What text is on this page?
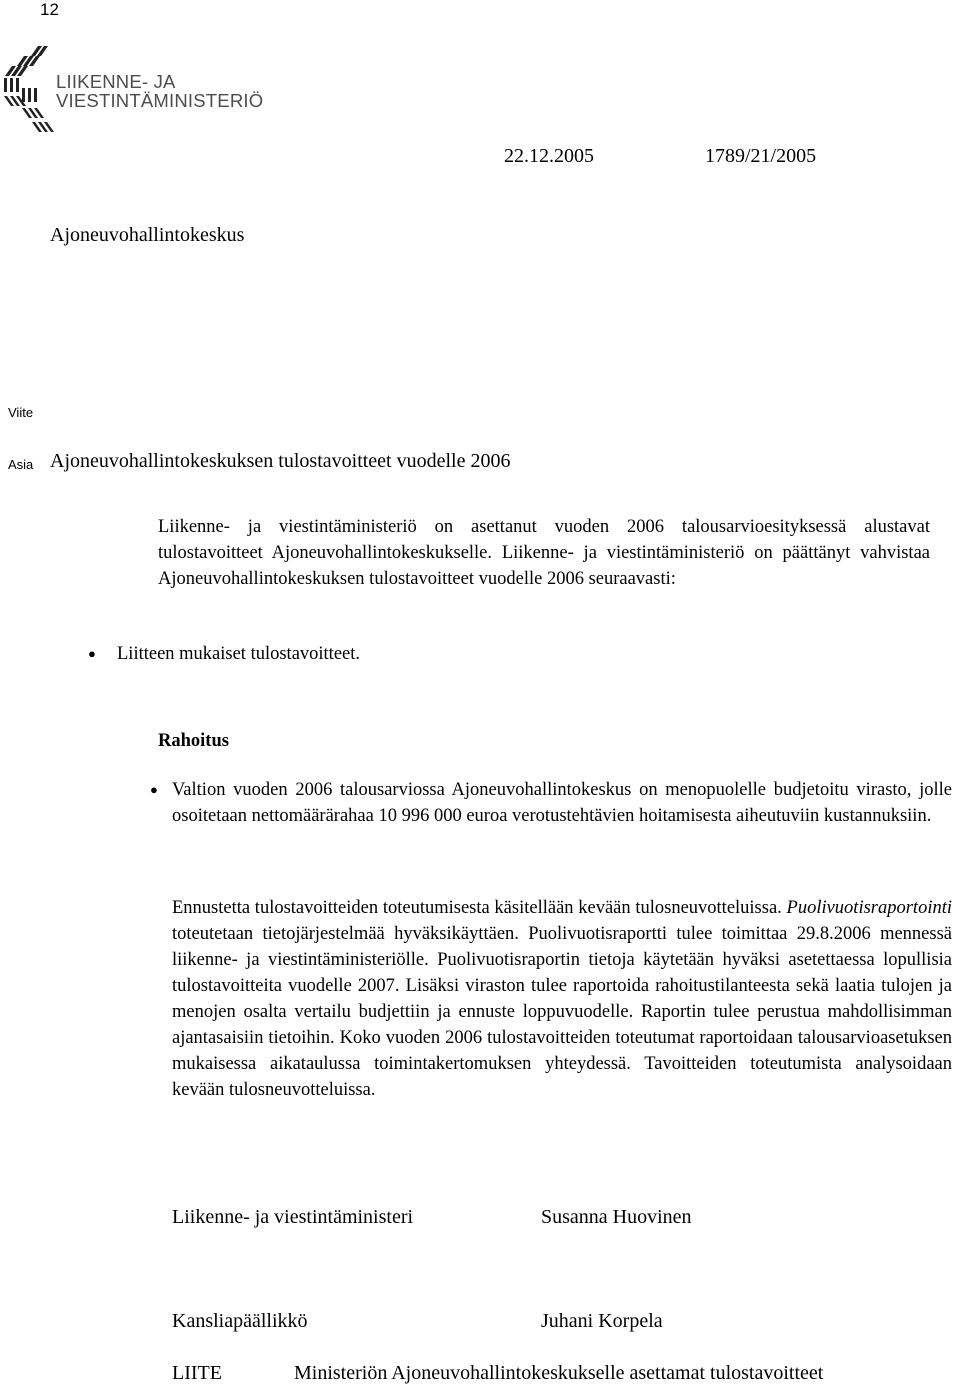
12
LIIKENNE- JA
VIESTINTÄMINISTERIÖ
22.12.2005	1789/21/2005
Ajoneuvohallintokeskus
Viite
Asia Ajoneuvohallintokeskuksen tulostavoitteet vuodelle 2006
Liikenne- ja viestintäministeriö on asettanut vuoden 2006 talousarvioesityksessä alustavat tulostavoitteet Ajoneuvohallintokeskukselle. Liikenne- ja viestintäministeriö on päättänyt vahvistaa Ajoneuvohallintokeskuksen tulostavoitteet vuodelle 2006 seuraavasti:
● Liitteen mukaiset tulostavoitteet.
Rahoitus
● Valtion vuoden 2006 talousarviossa Ajoneuvohallintokeskus on menopuolelle budjetoitu virasto, jolle osoitetaan nettomäärärahaa 10 996 000 euroa verotustehtävien hoitamisesta aiheutuviin kustannuksiin.
Ennustetta tulostavoitteiden toteutumisesta käsitellään kevään tulosneuvotteluissa. Puolivuotisraportointi toteutetaan tietojärjestelmää hyväksikäyttäen. Puolivuotisraportti tulee toimittaa 29.8.2006 mennessä liikenne- ja viestintäministeriölle. Puolivuotisraportin tietoja käytetään hyväksi asetettaessa lopullisia tulostavoitteita vuodelle 2007. Lisäksi viraston tulee raportoida rahoitustilanteesta sekä laatia tulojen ja menojen osalta vertailu budjettiin ja ennuste loppuvuodelle. Raportin tulee perustua mahdollisimman ajantasaisiin tietoihin. Koko vuoden 2006 tulostavoitteiden toteutumat raportoidaan talousarvioasetuksen mukaisessa aikataulussa toimintakertomuksen yhteydessä. Tavoitteiden toteutumista analysoidaan kevään tulosneuvotteluissa.
Liikenne- ja viestintäministeri	Susanna Huovinen
Kansliapäällikkö	Juhani Korpela
LIITE	Ministeriön Ajoneuvohallintokeskukselle asettamat tulostavoitteet
